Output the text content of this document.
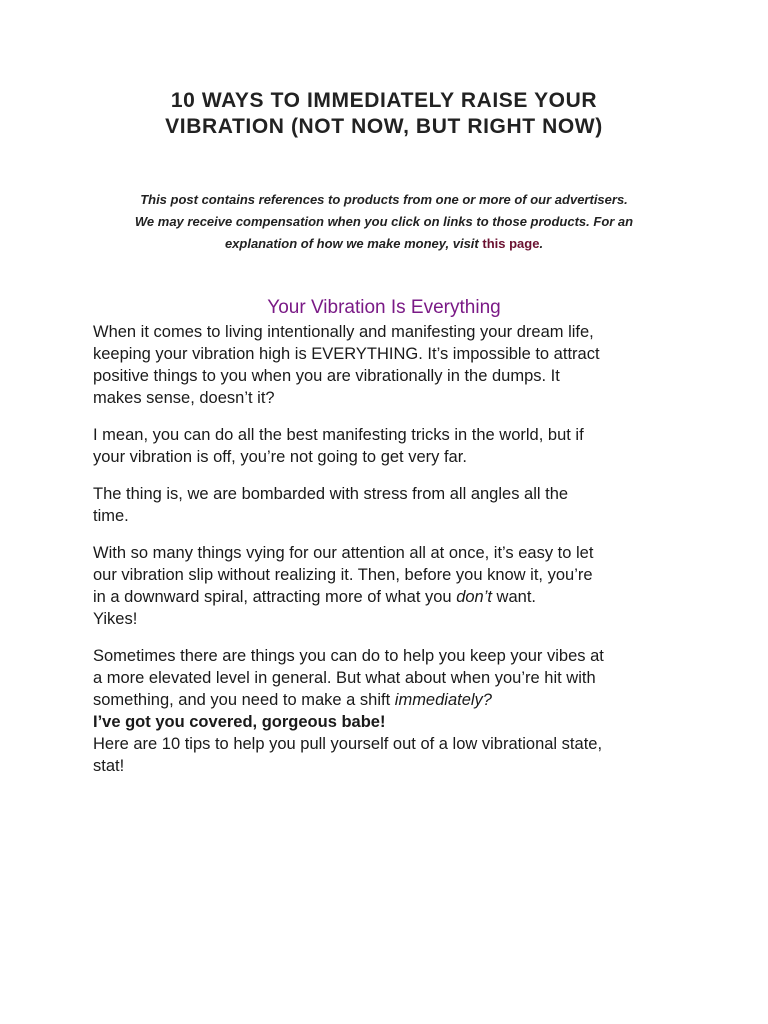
10 WAYS TO IMMEDIATELY RAISE YOUR
VIBRATION (NOT NOW, BUT RIGHT NOW)

This post contains references to products from one or more of our advertisers.
We may receive compensation when you click on links to those products. For an
explanation of how we make money, visit this page.

Your Vibration Is Everything

When it comes to living intentionally and manifesting your dream life,
keeping your vibration high is EVERYTHING. It’s impossible to attract
positive things to you when you are vibrationally in the dumps. It
makes sense, doesn’t it?

I mean, you can do all the best manifesting tricks in the world, but if
your vibration is off, you’re not going to get very far.

The thing is, we are bombarded with stress from all angles all the
time.

With so many things vying for our attention all at once, it’s easy to let
our vibration slip without realizing it. Then, before you know it, you’re
in a downward spiral, attracting more of what you don’t want.
Yikes!

Sometimes there are things you can do to help you keep your vibes at
a more elevated level in general. But what about when you’re hit with
something, and you need to make a shift immediately?
I’ve got you covered, gorgeous babe!
Here are 10 tips to help you pull yourself out of a low vibrational state,
stat!
